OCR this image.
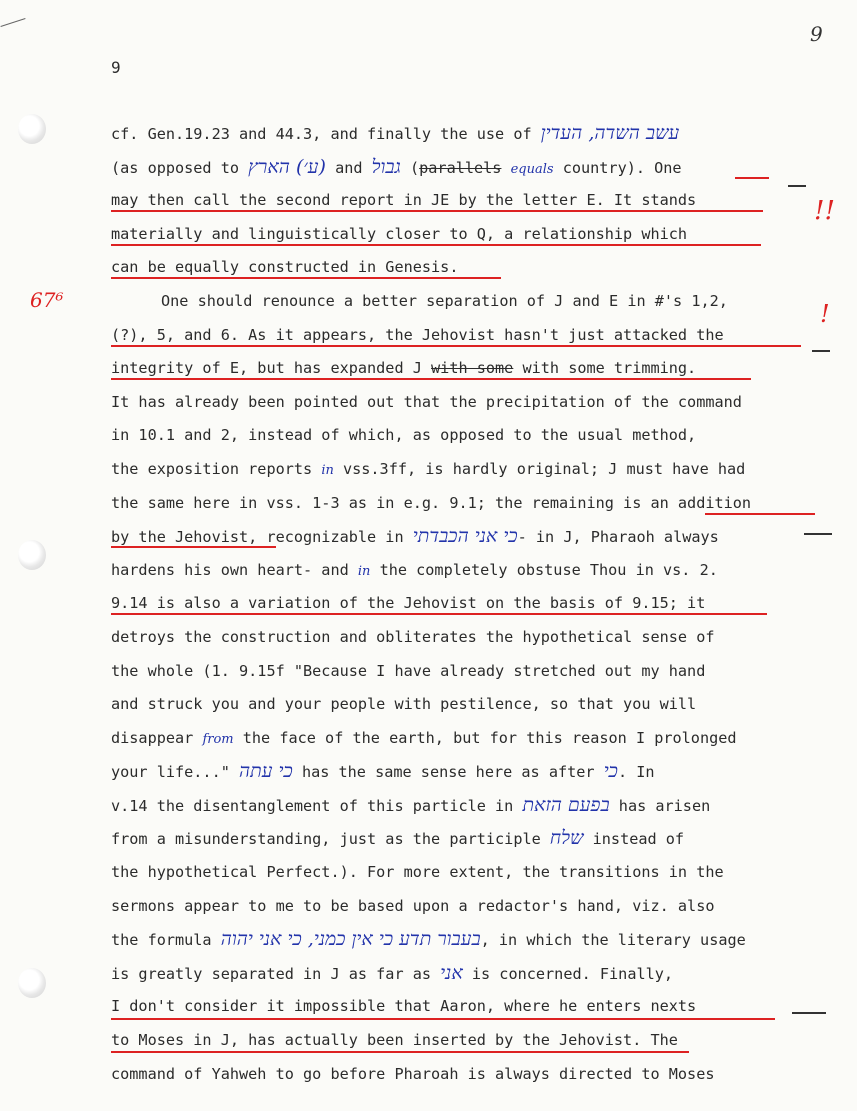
9
9
67⁶
!!
!
cf. Gen.19.23 and 44.3, and finally the use of עשב השדה, העדין
(as opposed to (ע׳) הארץ and גבול (parallels equals country). One
may then call the second report in JE by the letter E. It stands
materially and linguistically closer to Q, a relationship which
can be equally constructed in Genesis.
One should renounce a better separation of J and E in #'s 1,2,
(?), 5, and 6. As it appears, the Jehovist hasn't just attacked the
integrity of E, but has expanded J with some with some trimming.
It has already been pointed out that the precipitation of the command
in 10.1 and 2, instead of which, as opposed to the usual method,
the exposition reports in vss.3ff, is hardly original; J must have had
the same here in vss. 1-3 as in e.g. 9.1; the remaining is an addition
by the Jehovist, recognizable in כי אני הכבדתי- in J, Pharaoh always
hardens his own heart- and in the completely obstuse Thou in vs. 2.
9.14 is also a variation of the Jehovist on the basis of 9.15; it
detroys the construction and obliterates the hypothetical sense of
the whole (1. 9.15f "Because I have already stretched out my hand
and struck you and your people with pestilence, so that you will
disappear from the face of the earth, but for this reason I prolonged
your life..." כי עתה has the same sense here as after כי. In
v.14 the disentanglement of this particle in בפעם הזאת has arisen
from a misunderstanding, just as the participle שלח instead of
the hypothetical Perfect.). For more extent, the transitions in the
sermons appear to me to be based upon a redactor's hand, viz. also
the formula בעבור תדע כי אין כמני, כי אני יהוה, in which the literary usage
is greatly separated in J as far as אני is concerned. Finally,
I don't consider it impossible that Aaron, where he enters nexts
to Moses in J, has actually been inserted by the Jehovist. The
command of Yahweh to go before Pharoah is always directed to Moses
